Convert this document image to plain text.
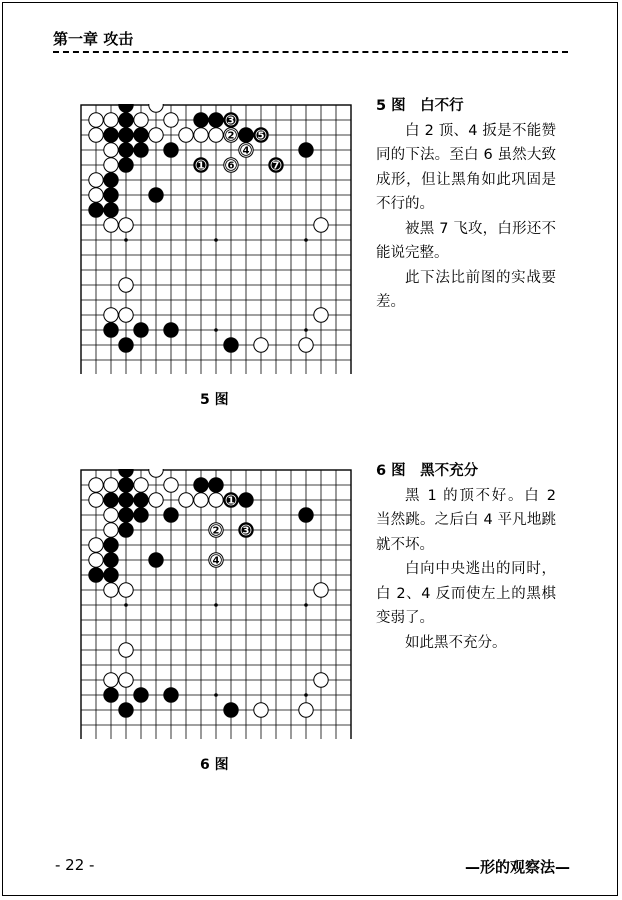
第一章 攻击
3
2 5
4
1 6	7
5 图
5 图　白不行

白 2 顶、4 扳是不能赞同的下法。至白 6 虽然大致成形，但让黑角如此巩固是不行的。

被黑 7 飞攻，白形还不能说完整。

此下法比前图的实战要差。

1
2 3
4
6 图
6 图　黑不充分

黑 1 的顶不好。白 2 当然跳。之后白 4 平凡地跳就不坏。

白向中央逃出的同时，白 2、4 反而使左上的黑棋变弱了。

如此黑不充分。

- 22 -	—形的观察法—
